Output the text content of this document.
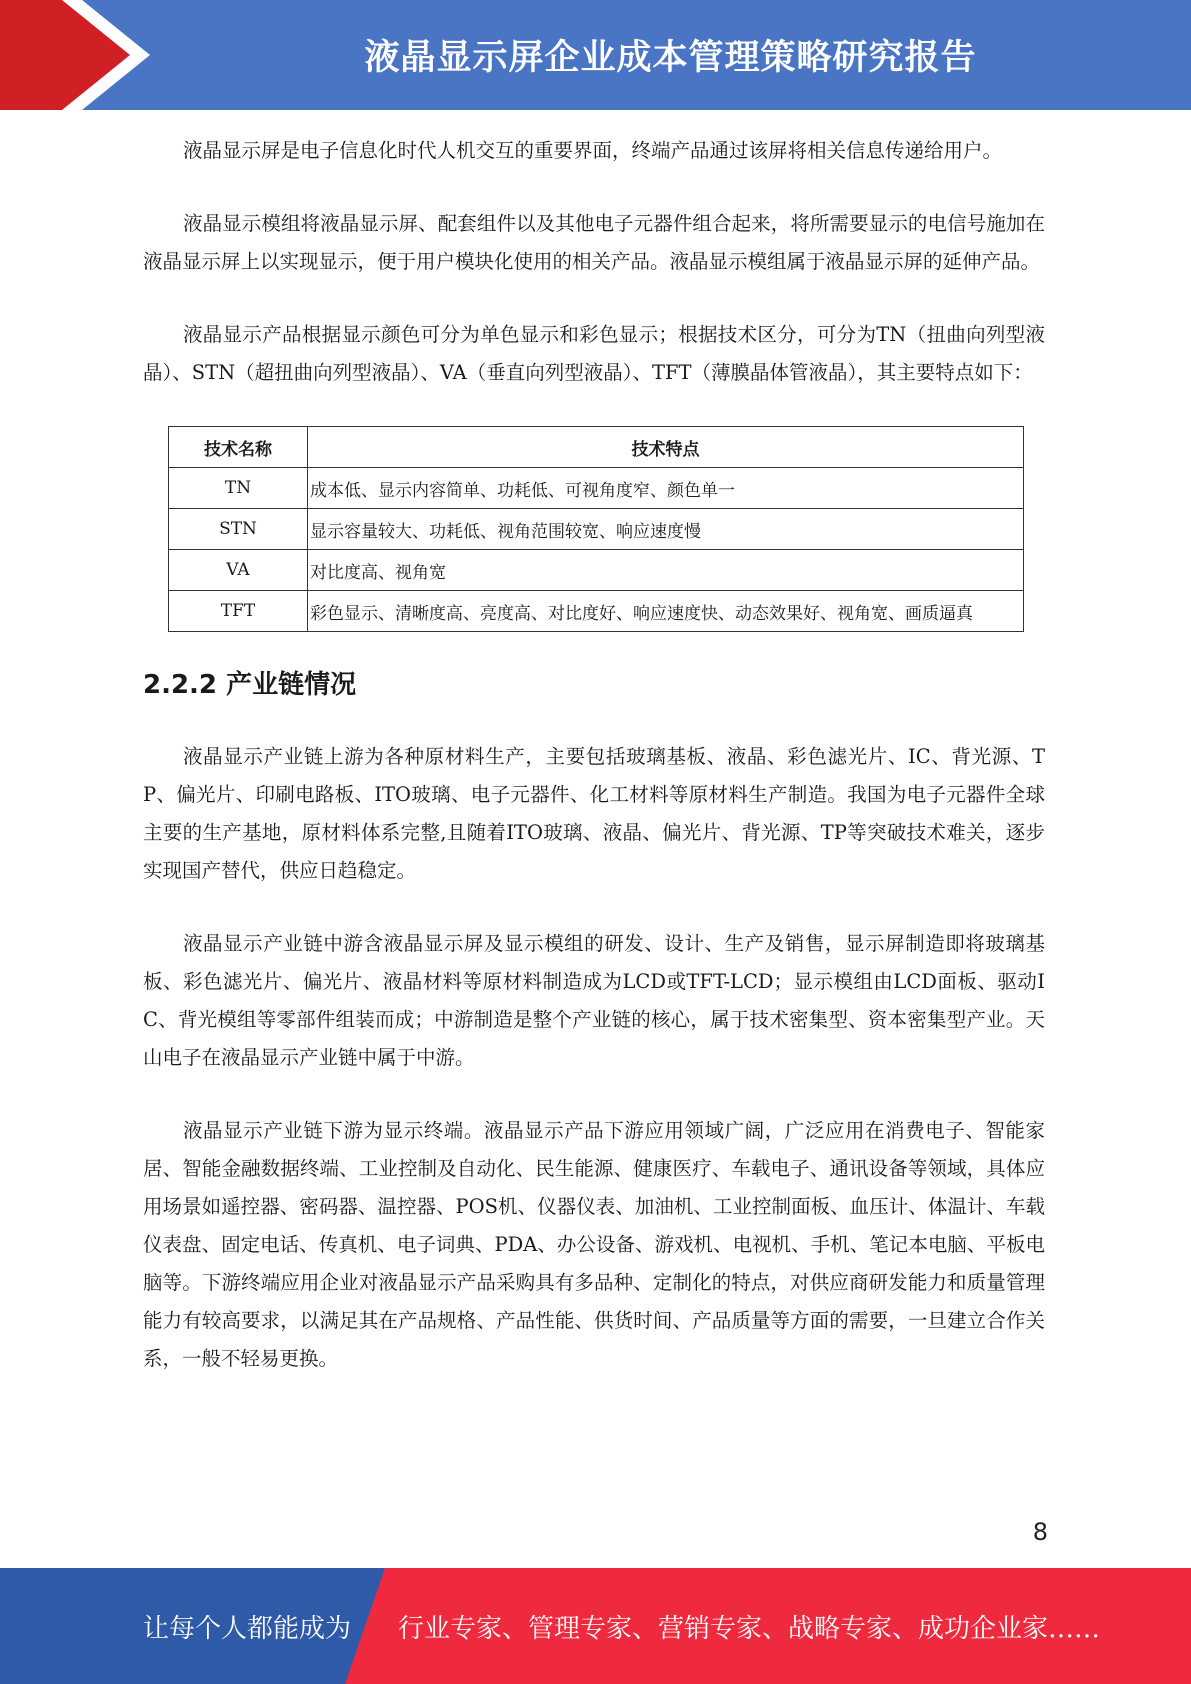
液晶显示屏企业成本管理策略研究报告

液晶显示屏是电子信息化时代人机交互的重要界面，终端产品通过该屏将相关信息传递给用户。

液晶显示模组将液晶显示屏、配套组件以及其他电子元器件组合起来，将所需要显示的电信号施加在液晶显示屏上以实现显示，便于用户模块化使用的相关产品。液晶显示模组属于液晶显示屏的延伸产品。

液晶显示产品根据显示颜色可分为单色显示和彩色显示；根据技术区分，可分为TN（扭曲向列型液晶）、STN（超扭曲向列型液晶）、VA（垂直向列型液晶）、TFT（薄膜晶体管液晶），其主要特点如下：

技术名称	技术特点
TN	成本低、显示内容简单、功耗低、可视角度窄、颜色单一
STN	显示容量较大、功耗低、视角范围较宽、响应速度慢
VA	对比度高、视角宽
TFT	彩色显示、清晰度高、亮度高、对比度好、响应速度快、动态效果好、视角宽、画质逼真
2.2.2 产业链情况

液晶显示产业链上游为各种原材料生产，主要包括玻璃基板、液晶、彩色滤光片、IC、背光源、TP、偏光片、印刷电路板、ITO玻璃、电子元器件、化工材料等原材料生产制造。我国为电子元器件全球主要的生产基地，原材料体系完整,且随着ITO玻璃、液晶、偏光片、背光源、TP等突破技术难关，逐步实现国产替代，供应日趋稳定。

液晶显示产业链中游含液晶显示屏及显示模组的研发、设计、生产及销售，显示屏制造即将玻璃基板、彩色滤光片、偏光片、液晶材料等原材料制造成为LCD或TFT-LCD；显示模组由LCD面板、驱动IC、背光模组等零部件组装而成；中游制造是整个产业链的核心，属于技术密集型、资本密集型产业。天山电子在液晶显示产业链中属于中游。

液晶显示产业链下游为显示终端。液晶显示产品下游应用领域广阔，广泛应用在消费电子、智能家居、智能金融数据终端、工业控制及自动化、民生能源、健康医疗、车载电子、通讯设备等领域，具体应用场景如遥控器、密码器、温控器、POS机、仪器仪表、加油机、工业控制面板、血压计、体温计、车载仪表盘、固定电话、传真机、电子词典、PDA、办公设备、游戏机、电视机、手机、笔记本电脑、平板电脑等。下游终端应用企业对液晶显示产品采购具有多品种、定制化的特点，对供应商研发能力和质量管理能力有较高要求，以满足其在产品规格、产品性能、供货时间、产品质量等方面的需要，一旦建立合作关系，一般不轻易更换。

8
让每个人都能成为 行业专家、管理专家、营销专家、战略专家、成功企业家……
